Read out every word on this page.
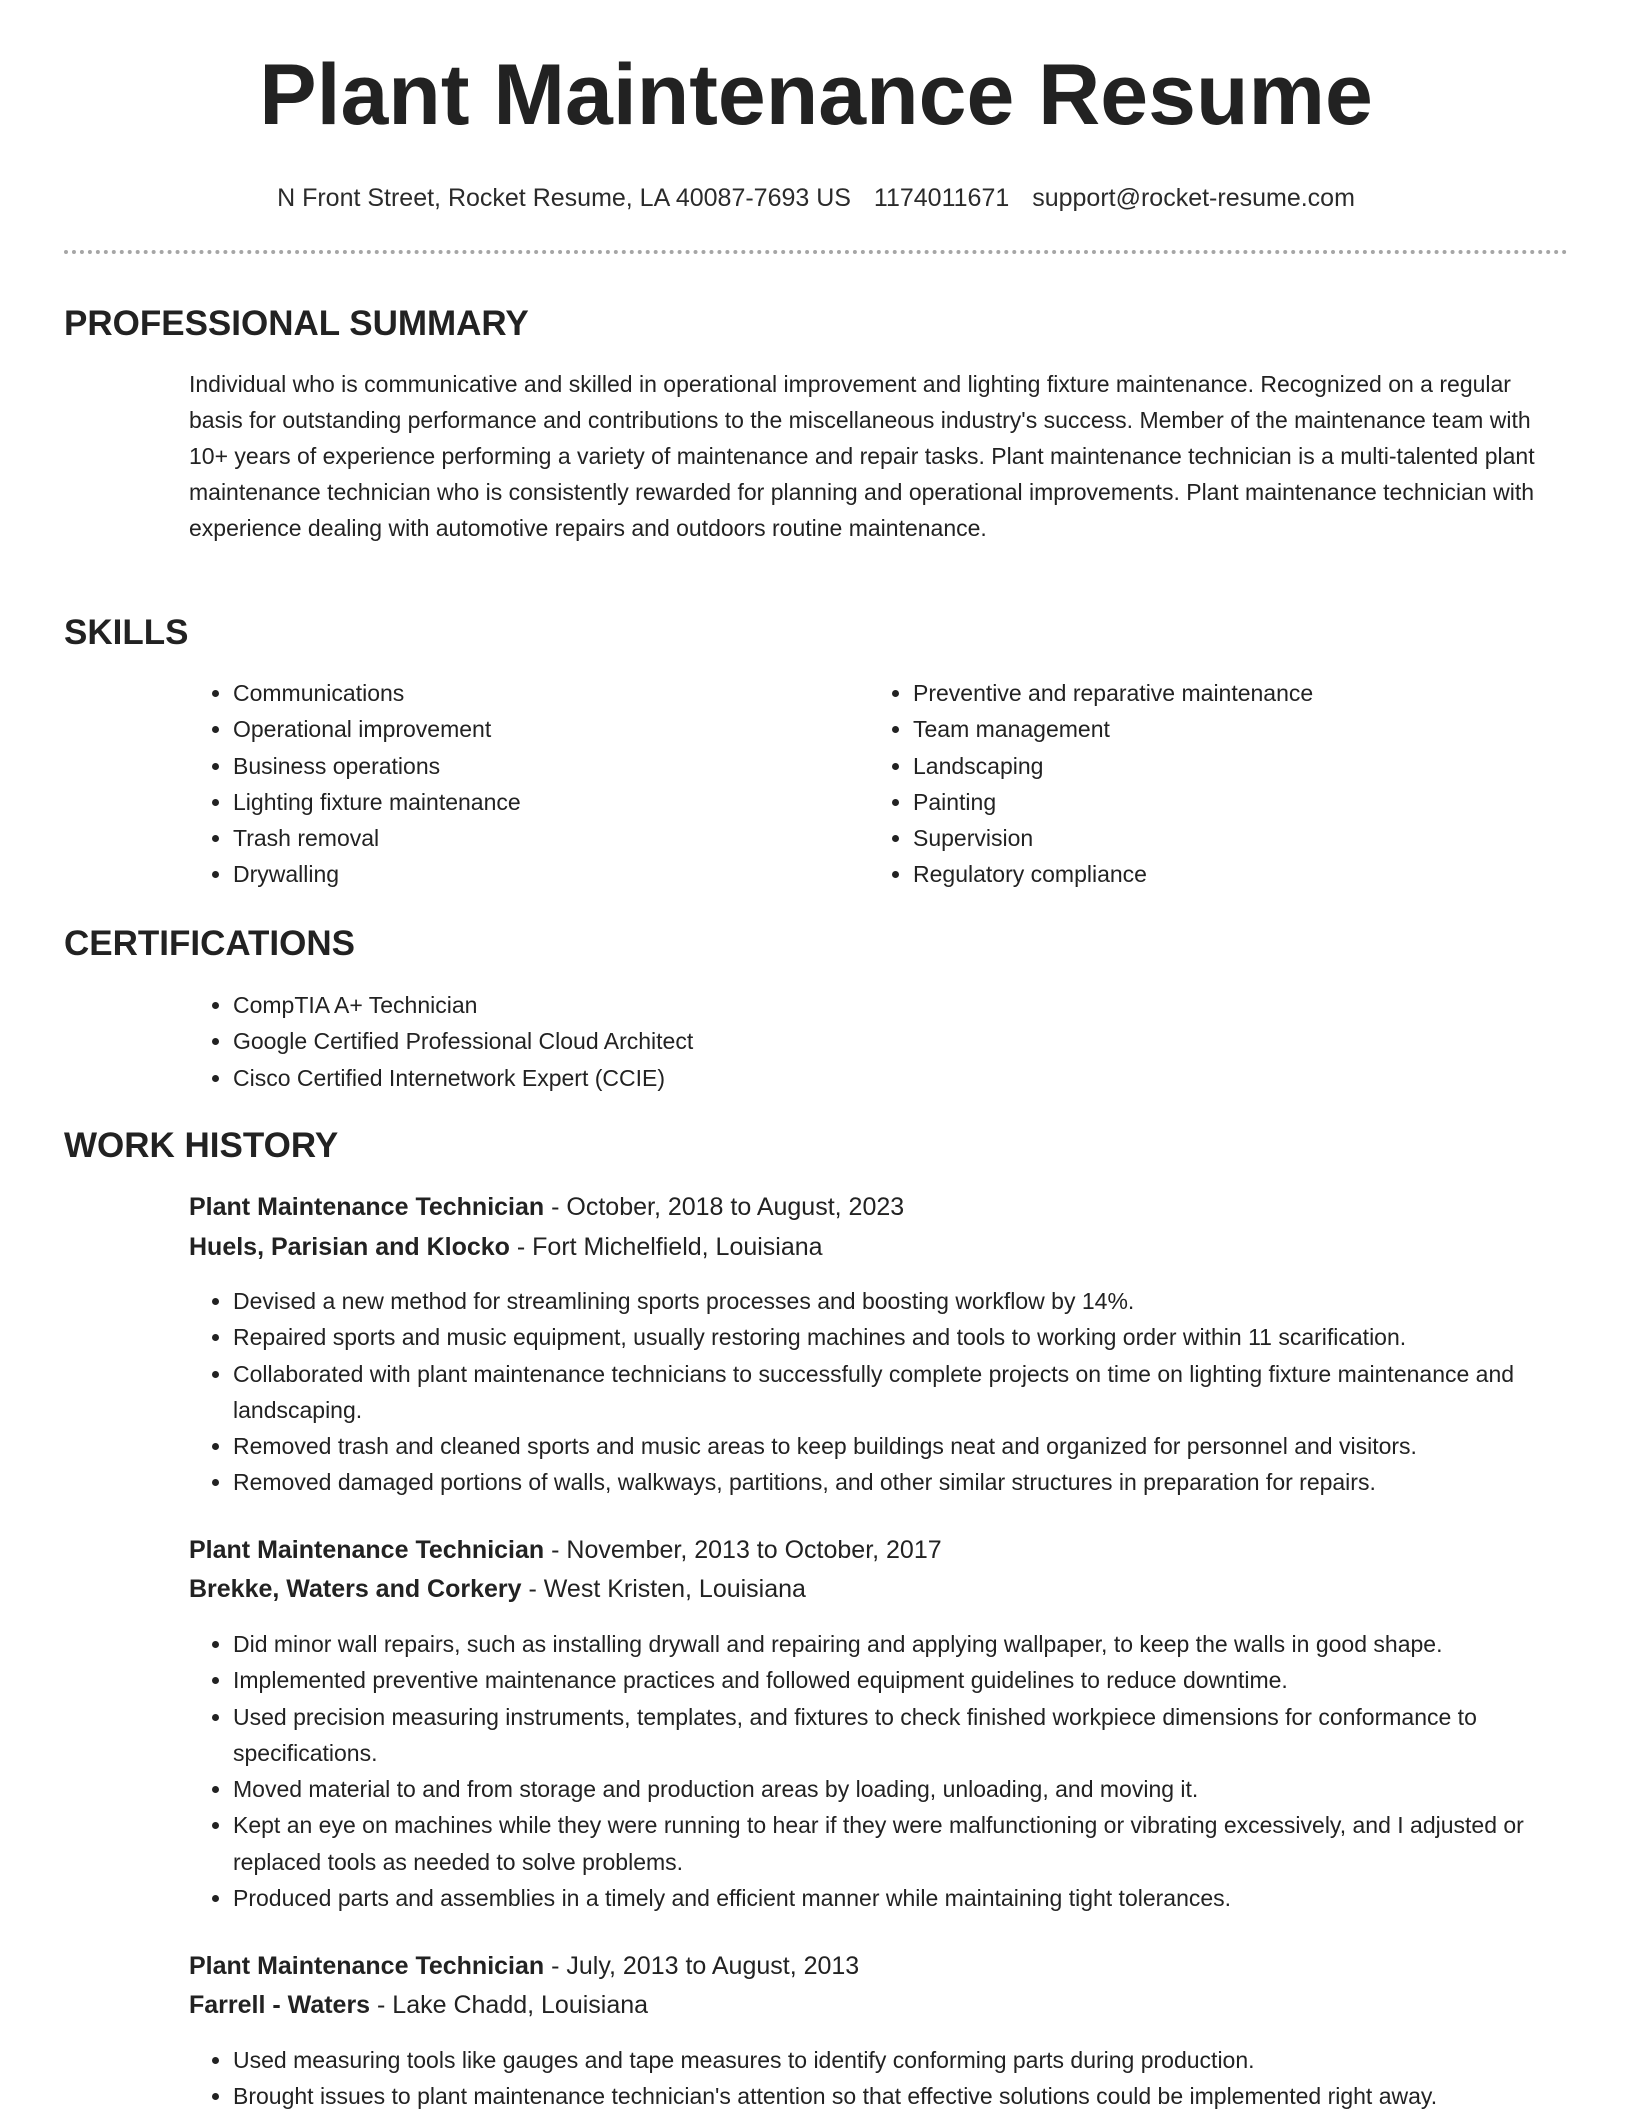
Plant Maintenance Resume
N Front Street, Rocket Resume, LA 40087-7693 US 1174011671 support@rocket-resume.com
PROFESSIONAL SUMMARY

Individual who is communicative and skilled in operational improvement and lighting fixture maintenance. Recognized on a regular basis for outstanding performance and contributions to the miscellaneous industry's success. Member of the maintenance team with 10+ years of experience performing a variety of maintenance and repair tasks. Plant maintenance technician is a multi-talented plant maintenance technician who is consistently rewarded for planning and operational improvements. Plant maintenance technician with experience dealing with automotive repairs and outdoors routine maintenance.

SKILLS
• Communications
• Operational improvement
• Business operations
• Lighting fixture maintenance
• Trash removal
• Drywalling
• Preventive and reparative maintenance
• Team management
• Landscaping
• Painting
• Supervision
• Regulatory compliance
CERTIFICATIONS
• CompTIA A+ Technician
• Google Certified Professional Cloud Architect
• Cisco Certified Internetwork Expert (CCIE)
WORK HISTORY
Plant Maintenance Technician - October, 2018 to August, 2023
Huels, Parisian and Klocko - Fort Michelfield, Louisiana
• Devised a new method for streamlining sports processes and boosting workflow by 14%.
• Repaired sports and music equipment, usually restoring machines and tools to working order within 11 scarification.
• Collaborated with plant maintenance technicians to successfully complete projects on time on lighting fixture maintenance and landscaping.
• Removed trash and cleaned sports and music areas to keep buildings neat and organized for personnel and visitors.
• Removed damaged portions of walls, walkways, partitions, and other similar structures in preparation for repairs.
Plant Maintenance Technician - November, 2013 to October, 2017
Brekke, Waters and Corkery - West Kristen, Louisiana
• Did minor wall repairs, such as installing drywall and repairing and applying wallpaper, to keep the walls in good shape.
• Implemented preventive maintenance practices and followed equipment guidelines to reduce downtime.
• Used precision measuring instruments, templates, and fixtures to check finished workpiece dimensions for conformance to specifications.
• Moved material to and from storage and production areas by loading, unloading, and moving it.
• Kept an eye on machines while they were running to hear if they were malfunctioning or vibrating excessively, and I adjusted or replaced tools as needed to solve problems.
• Produced parts and assemblies in a timely and efficient manner while maintaining tight tolerances.
Plant Maintenance Technician - July, 2013 to August, 2013
Farrell - Waters - Lake Chadd, Louisiana
• Used measuring tools like gauges and tape measures to identify conforming parts during production.
• Brought issues to plant maintenance technician's attention so that effective solutions could be implemented right away.
